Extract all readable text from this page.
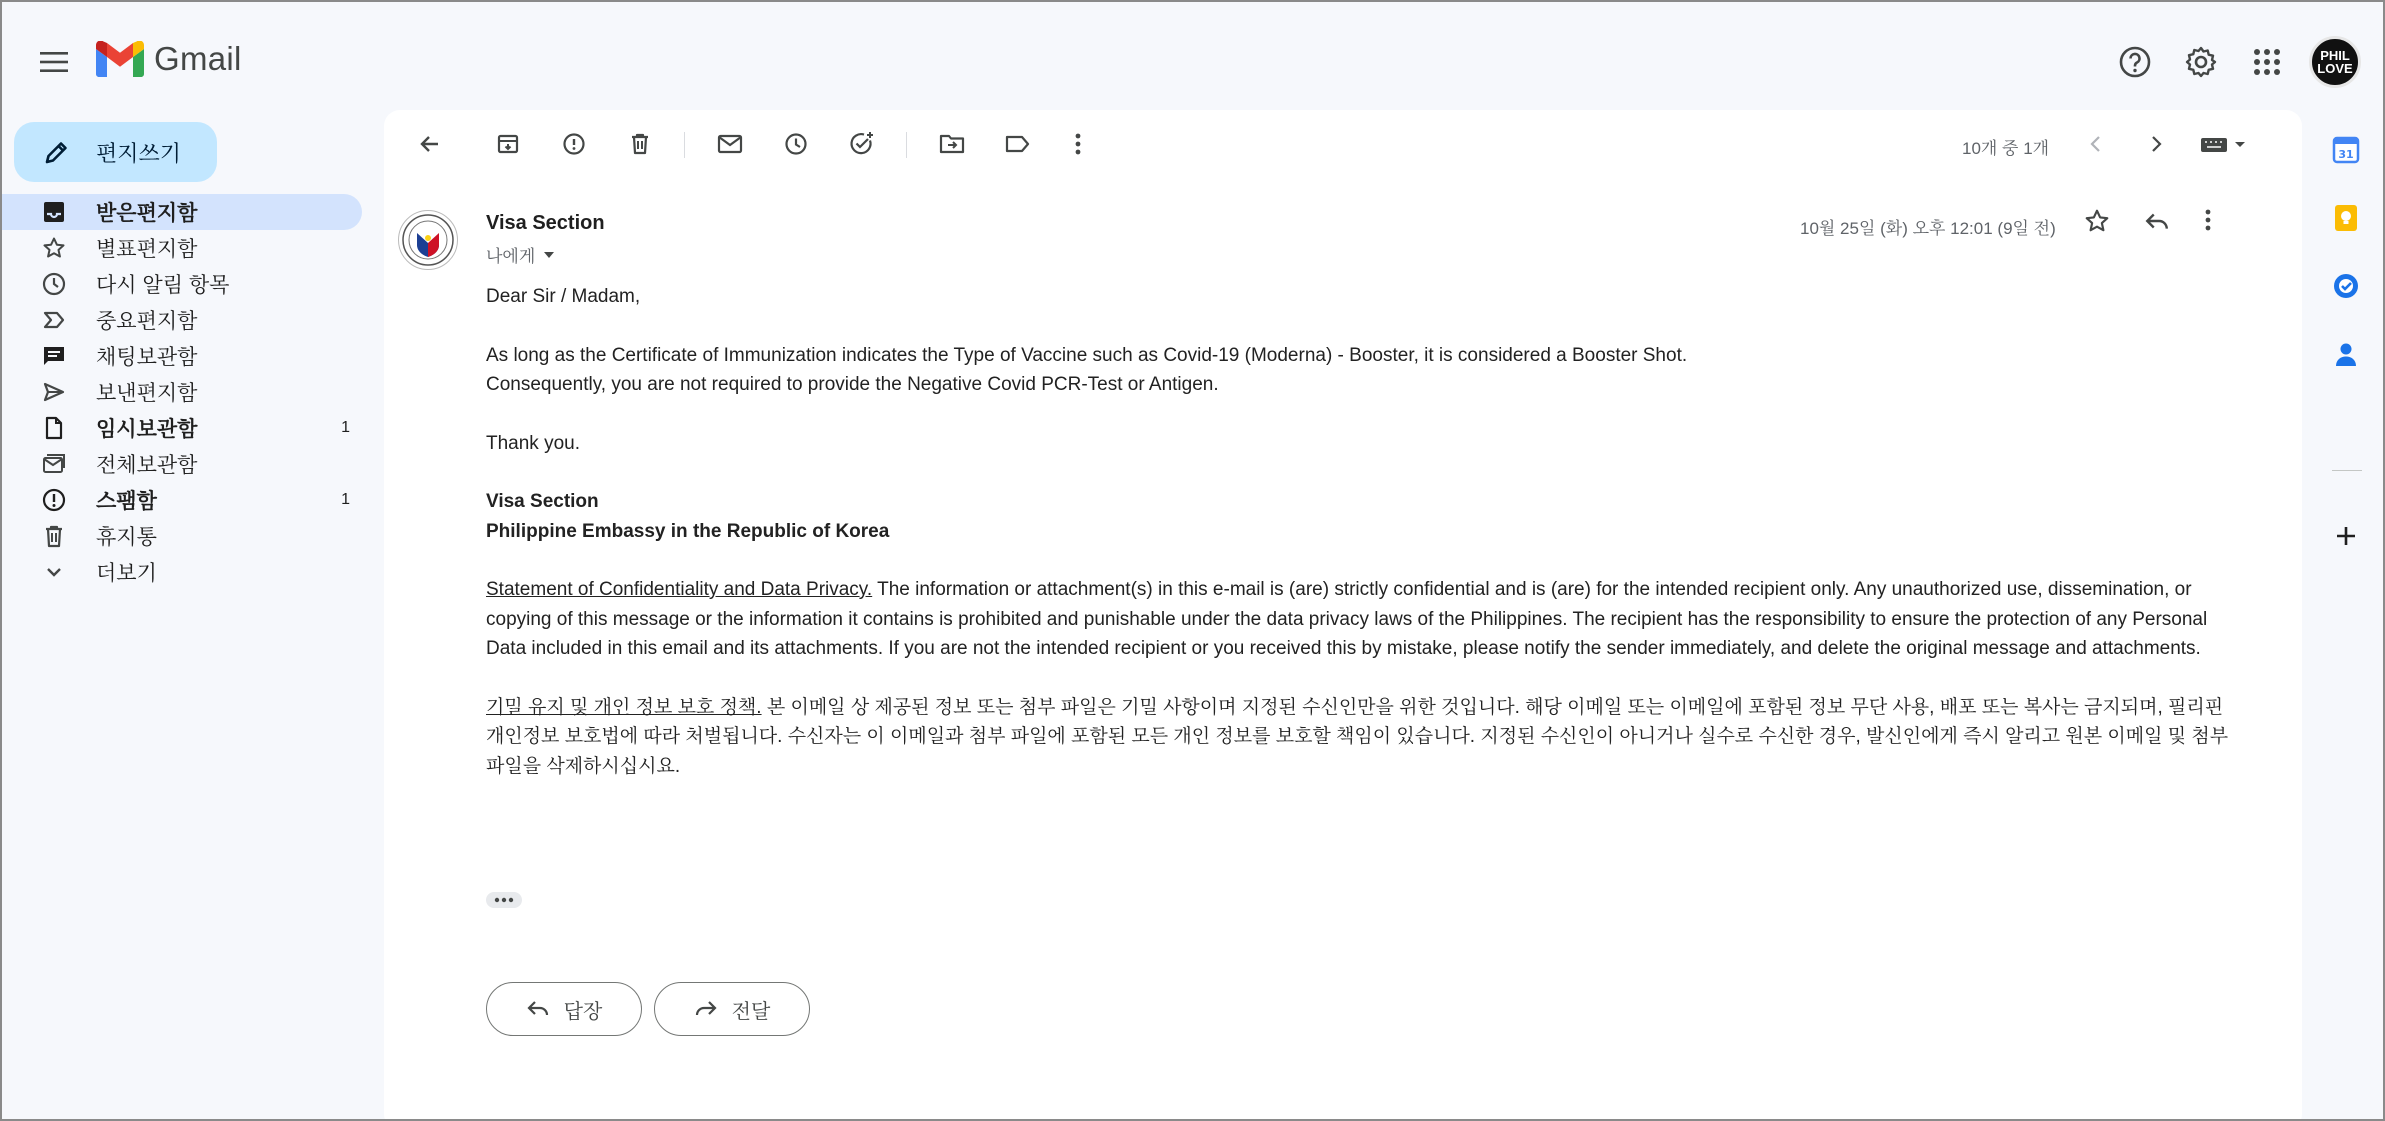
Gmail	PHIL
LOVE
편지쓰기
받은편지함
별표편지함
다시 알림 항목
중요편지함
채팅보관함
보낸편지함
임시보관함	1
전체보관함
스팸함	1
휴지통
더보기
10개 중 1개
Visa Section
나에게
10월 25일 (화) 오후 12:01 (9일 전)

Dear Sir / Madam,

As long as the Certificate of Immunization indicates the Type of Vaccine such as Covid-19 (Moderna) - Booster, it is considered a Booster Shot.
Consequently, you are not required to provide the Negative Covid PCR-Test or Antigen.

Thank you.

Visa Section
Philippine Embassy in the Republic of Korea

Statement of Confidentiality and Data Privacy. The information or attachment(s) in this e-mail is (are) strictly confidential and is (are) for the intended recipient only. Any unauthorized use, dissemination, or copying of this message or the information it contains is prohibited and punishable under the data privacy laws of the Philippines. The recipient has the responsibility to ensure the protection of any Personal Data included in this email and its attachments. If you are not the intended recipient or you received this by mistake, please notify the sender immediately, and delete the original message and attachments.

기밀 유지 및 개인 정보 보호 정책. 본 이메일 상 제공된 정보 또는 첨부 파일은 기밀 사항이며 지정된 수신인만을 위한 것입니다. 해당 이메일 또는 이메일에 포함된 정보 무단 사용, 배포 또는 복사는 금지되며, 필리핀 개인정보 보호법에 따라 처벌됩니다. 수신자는 이 이메일과 첨부 파일에 포함된 모든 개인 정보를 보호할 책임이 있습니다. 지정된 수신인이 아니거나 실수로 수신한 경우, 발신인에게 즉시 알리고 원본 이메일 및 첨부 파일을 삭제하시십시요.

답장	전달
31
